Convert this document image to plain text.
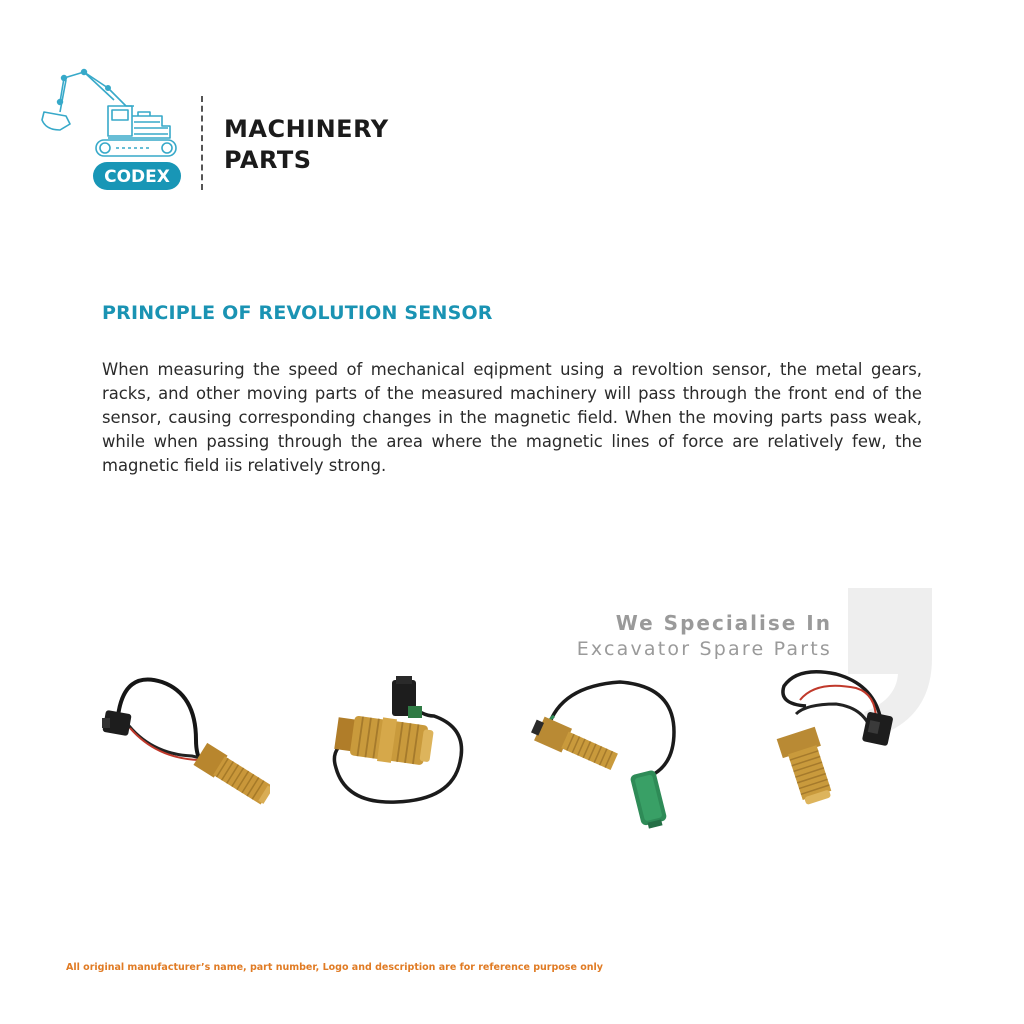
CODEX
MACHINERY
PARTS
PRINCIPLE OF REVOLUTION SENSOR
When measuring the speed of mechanical eqipment using a revoltion sensor, the metal gears, racks, and other moving parts of the measured machinery will pass through the front end of the sensor, causing corresponding changes in the magnetic field. When the moving parts pass weak, while when passing through the area where the magnetic lines of force are relatively few, the magnetic field iis relatively strong.
We Specialise In
Excavator Spare Parts
All original manufacturer’s name, part number, Logo and description are for reference purpose only
